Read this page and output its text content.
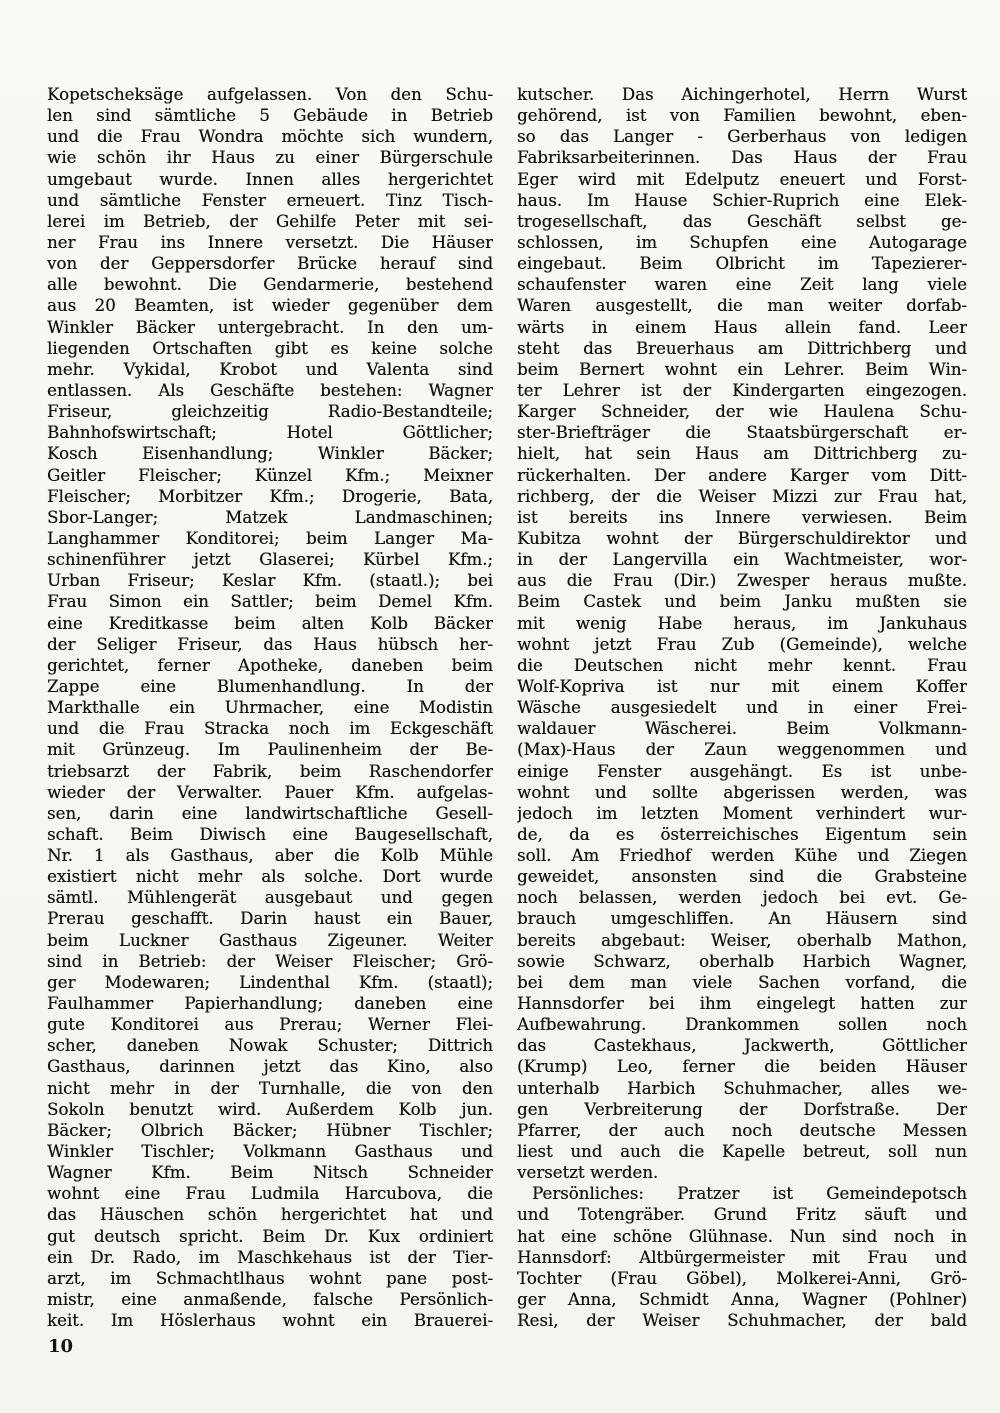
Kopetscheksäge aufgelassen. Von den Schu-
len sind sämtliche 5 Gebäude in Betrieb
und die Frau Wondra möchte sich wundern,
wie schön ihr Haus zu einer Bürgerschule
umgebaut wurde. Innen alles hergerichtet
und sämtliche Fenster erneuert. Tinz Tisch-
lerei im Betrieb, der Gehilfe Peter mit sei-
ner Frau ins Innere versetzt. Die Häuser
von der Geppersdorfer Brücke herauf sind
alle bewohnt. Die Gendarmerie, bestehend
aus 20 Beamten, ist wieder gegenüber dem
Winkler Bäcker untergebracht. In den um-
liegenden Ortschaften gibt es keine solche
mehr. Vykidal, Krobot und Valenta sind
entlassen. Als Geschäfte bestehen: Wagner
Friseur, gleichzeitig Radio-Bestandteile;
Bahnhofswirtschaft; Hotel Göttlicher;
Kosch Eisenhandlung; Winkler Bäcker;
Geitler Fleischer; Künzel Kfm.; Meixner
Fleischer; Morbitzer Kfm.; Drogerie, Bata,
Sbor-Langer; Matzek Landmaschinen;
Langhammer Konditorei; beim Langer Ma-
schinenführer jetzt Glaserei; Kürbel Kfm.;
Urban Friseur; Keslar Kfm. (staatl.); bei
Frau Simon ein Sattler; beim Demel Kfm.
eine Kreditkasse beim alten Kolb Bäcker
der Seliger Friseur, das Haus hübsch her-
gerichtet, ferner Apotheke, daneben beim
Zappe eine Blumenhandlung. In der
Markthalle ein Uhrmacher, eine Modistin
und die Frau Stracka noch im Eckgeschäft
mit Grünzeug. Im Paulinenheim der Be-
triebsarzt der Fabrik, beim Raschendorfer
wieder der Verwalter. Pauer Kfm. aufgelas-
sen, darin eine landwirtschaftliche Gesell-
schaft. Beim Diwisch eine Baugesellschaft,
Nr. 1 als Gasthaus, aber die Kolb Mühle
existiert nicht mehr als solche. Dort wurde
sämtl. Mühlengerät ausgebaut und gegen
Prerau geschafft. Darin haust ein Bauer,
beim Luckner Gasthaus Zigeuner. Weiter
sind in Betrieb: der Weiser Fleischer; Grö-
ger Modewaren; Lindenthal Kfm. (staatl);
Faulhammer Papierhandlung; daneben eine
gute Konditorei aus Prerau; Werner Flei-
scher, daneben Nowak Schuster; Dittrich
Gasthaus, darinnen jetzt das Kino, also
nicht mehr in der Turnhalle, die von den
Sokoln benutzt wird. Außerdem Kolb jun.
Bäcker; Olbrich Bäcker; Hübner Tischler;
Winkler Tischler; Volkmann Gasthaus und
Wagner Kfm. Beim Nitsch Schneider
wohnt eine Frau Ludmila Harcubova, die
das Häuschen schön hergerichtet hat und
gut deutsch spricht. Beim Dr. Kux ordiniert
ein Dr. Rado, im Maschkehaus ist der Tier-
arzt, im Schmachtlhaus wohnt pane post-
mistr, eine anmaßende, falsche Persönlich-
keit. Im Höslerhaus wohnt ein Brauerei-
kutscher. Das Aichingerhotel, Herrn Wurst
gehörend, ist von Familien bewohnt, eben-
so das Langer - Gerberhaus von ledigen
Fabriksarbeiterinnen. Das Haus der Frau
Eger wird mit Edelputz eneuert und Forst-
haus. Im Hause Schier-Ruprich eine Elek-
trogesellschaft, das Geschäft selbst ge-
schlossen, im Schupfen eine Autogarage
eingebaut. Beim Olbricht im Tapezierer-
schaufenster waren eine Zeit lang viele
Waren ausgestellt, die man weiter dorfab-
wärts in einem Haus allein fand. Leer
steht das Breuerhaus am Dittrichberg und
beim Bernert wohnt ein Lehrer. Beim Win-
ter Lehrer ist der Kindergarten eingezogen.
Karger Schneider, der wie Haulena Schu-
ster-Briefträger die Staatsbürgerschaft er-
hielt, hat sein Haus am Dittrichberg zu-
rückerhalten. Der andere Karger vom Ditt-
richberg, der die Weiser Mizzi zur Frau hat,
ist bereits ins Innere verwiesen. Beim
Kubitza wohnt der Bürgerschuldirektor und
in der Langervilla ein Wachtmeister, wor-
aus die Frau (Dir.) Zwesper heraus mußte.
Beim Castek und beim Janku mußten sie
mit wenig Habe heraus, im Jankuhaus
wohnt jetzt Frau Zub (Gemeinde), welche
die Deutschen nicht mehr kennt. Frau
Wolf-Kopriva ist nur mit einem Koffer
Wäsche ausgesiedelt und in einer Frei-
waldauer Wäscherei. Beim Volkmann-
(Max)-Haus der Zaun weggenommen und
einige Fenster ausgehängt. Es ist unbe-
wohnt und sollte abgerissen werden, was
jedoch im letzten Moment verhindert wur-
de, da es österreichisches Eigentum sein
soll. Am Friedhof werden Kühe und Ziegen
geweidet, ansonsten sind die Grabsteine
noch belassen, werden jedoch bei evt. Ge-
brauch umgeschliffen. An Häusern sind
bereits abgebaut: Weiser, oberhalb Mathon,
sowie Schwarz, oberhalb Harbich Wagner,
bei dem man viele Sachen vorfand, die
Hannsdorfer bei ihm eingelegt hatten zur
Aufbewahrung. Drankommen sollen noch
das Castekhaus, Jackwerth, Göttlicher
(Krump) Leo, ferner die beiden Häuser
unterhalb Harbich Schuhmacher, alles we-
gen Verbreiterung der Dorfstraße. Der
Pfarrer, der auch noch deutsche Messen
liest und auch die Kapelle betreut, soll nun
versetzt werden.
Persönliches: Pratzer ist Gemeindepotsch
und Totengräber. Grund Fritz säuft und
hat eine schöne Glühnase. Nun sind noch in
Hannsdorf: Altbürgermeister mit Frau und
Tochter (Frau Göbel), Molkerei-Anni, Grö-
ger Anna, Schmidt Anna, Wagner (Pohlner)
Resi, der Weiser Schuhmacher, der bald
10
